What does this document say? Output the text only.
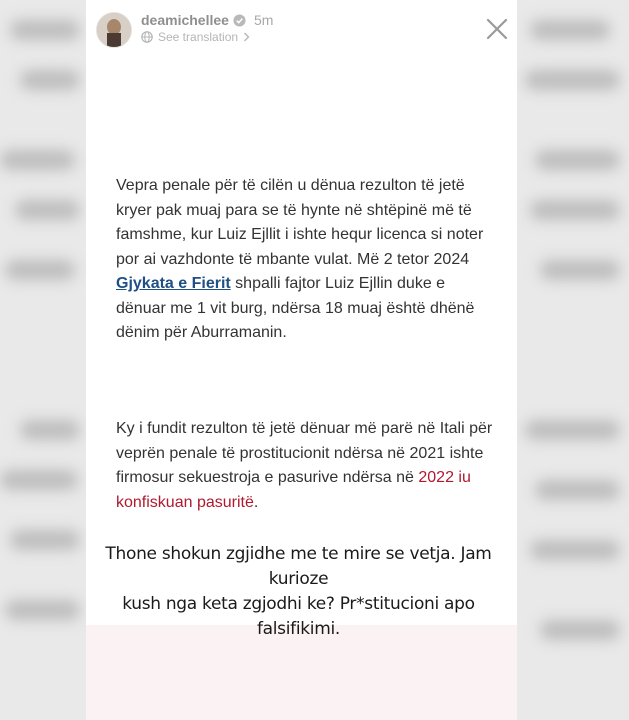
deamichellee 5m
See translation
Vepra penale për të cilën u dënua rezulton të jetë kryer pak muaj para se të hynte në shtëpinë më të famshme, kur Luiz Ejllit i ishte hequr licenca si noter por ai vazhdonte të mbante vulat. Më 2 tetor 2024 Gjykata e Fierit shpalli fajtor Luiz Ejllin duke e dënuar me 1 vit burg, ndërsa 18 muaj është dhënë dënim për Aburramanin.
Ky i fundit rezulton të jetë dënuar më parë në Itali për veprën penale të prostitucionit ndërsa në 2021 ishte firmosur sekuestroja e pasurive ndërsa në 2022 iu konfiskuan pasuritë.
Thone shokun zgjidhe me te mire se vetja. Jam kurioze
kush nga keta zgjodhi ke? Pr*stitucioni apo falsifikimi.
